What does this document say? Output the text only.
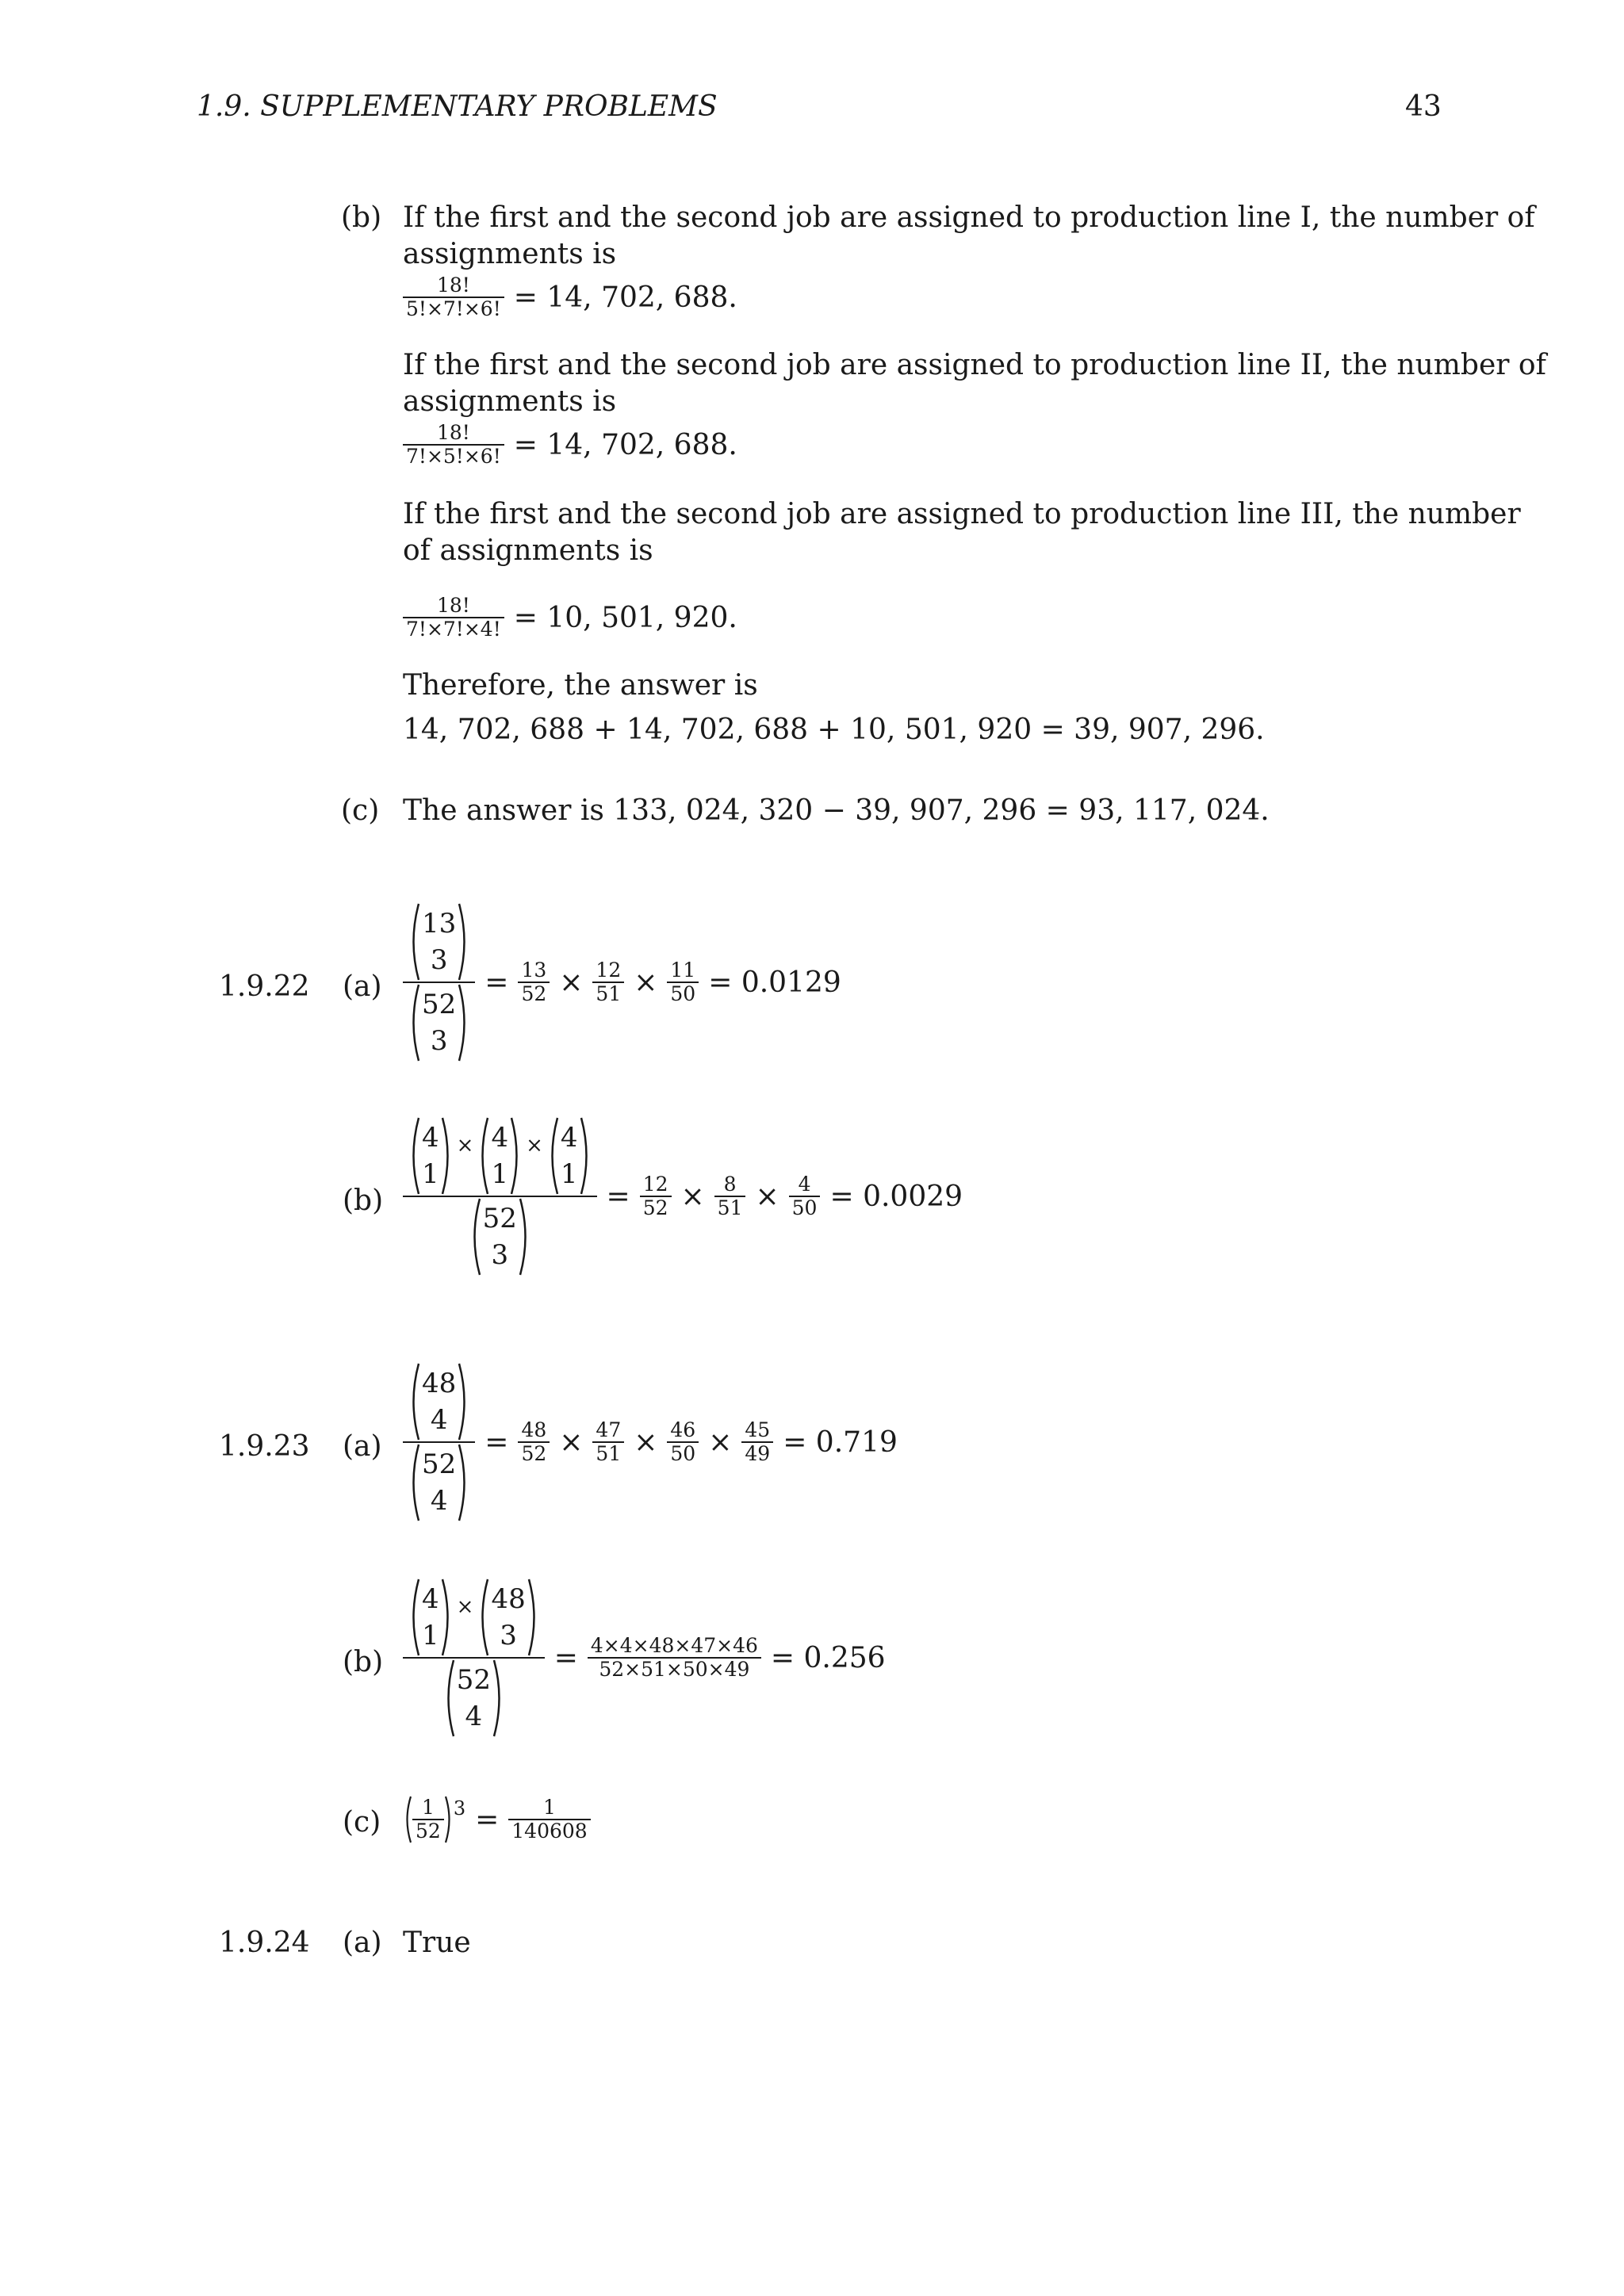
1.9. SUPPLEMENTARY PROBLEMS	43
(b) If the first and the second job are assigned to production line I, the number of
assignments is
$\frac{18!}{5!\times 7!\times 6!} = 14$, 702, 688.
If the first and the second job are assigned to production line II, the number of
assignments is
$\frac{18!}{7!\times 5!\times 6!} = 14$, 702, 688.
If the first and the second job are assigned to production line III, the number
of assignments is
$\frac{18!}{7!\times 7!\times 4!} = 10$, 501, 920.
Therefore, the answer is
14, 702, 688 + 14, 702, 688 + 10, 501, 920 = 39, 907, 296.
(c) The answer is 133, 024, 320 − 39, 907, 296 = 93, 117, 024.
1.9.22 (a)
13
3
52
3
= $\frac{13}{52} \times \frac{12}{51} \times \frac{11}{50} = 0.0129$
(b)
4
1
× 4
1
× 4
1
52
3
= $\frac{12}{52} \times \frac{8}{51} \times \frac{4}{50} = 0.0029$
1.9.23 (a)
48
4
52
4
= $\frac{48}{52} \times \frac{47}{51} \times \frac{46}{50} \times \frac{45}{49} = 0.719$
(b)
4
1
× 48
3
52
4
= $\frac{4\times 4\times 48\times 47\times 46}{52\times 51\times 50\times 49} = 0.256$
$(c) \frac{1}{52} 3 = \frac{1}{140608}$
1.9.24 (a) True
